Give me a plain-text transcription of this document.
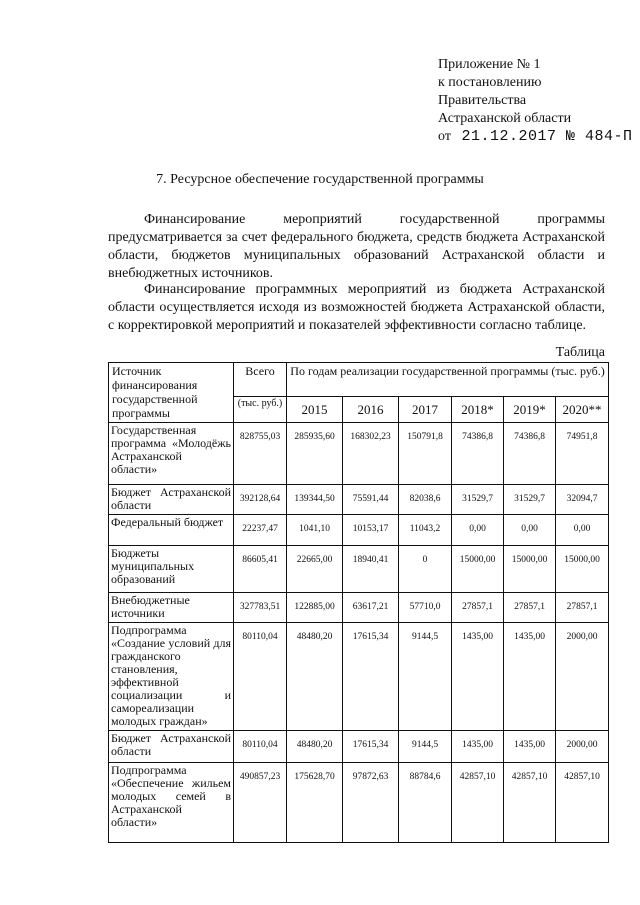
Приложение № 1
к постановлению
Правительства
Астраханской области
от 21.12.2017 № 484-П
7. Ресурсное обеспечение государственной программы
Финансирование мероприятий государственной программы предусматривается за счет федерального бюджета, средств бюджета Астраханской области, бюджетов муниципальных образований Астраханской области и внебюджетных источников.
Финансирование программных мероприятий из бюджета Астраханской области осуществляется исходя из возможностей бюджета Астраханской области, с корректировкой мероприятий и показателей эффективности согласно таблице.
Таблица
Источник финансирования государственной программы	Всего	По годам реализации государственной программы (тыс. руб.)					
	(тыс. руб.)	2015	2016	2017	2018*	2019*	2020**
Государственная программа «Молодёжь Астраханской области»	828755,03	285935,60	168302,23	150791,8	74386,8	74386,8	74951,8
Бюджет Астраханской области	392128,64	139344,50	75591,44	82038,6	31529,7	31529,7	32094,7
Федеральный бюджет	22237,47	1041,10	10153,17	11043,2	0,00	0,00	0,00
Бюджеты муниципальных образований	86605,41	22665,00	18940,41	0	15000,00	15000,00	15000,00
Внебюджетные источники	327783,51	122885,00	63617,21	57710,0	27857,1	27857,1	27857,1
Подпрограмма «Создание условий для гражданского становления, эффективной социализации и самореализации молодых граждан»	80110,04	48480,20	17615,34	9144,5	1435,00	1435,00	2000,00
Бюджет Астраханской области	80110,04	48480,20	17615,34	9144,5	1435,00	1435,00	2000,00
Подпрограмма «Обеспечение жильем молодых семей в Астраханской области»	490857,23	175628,70	97872,63	88784,6	42857,10	42857,10	42857,10
